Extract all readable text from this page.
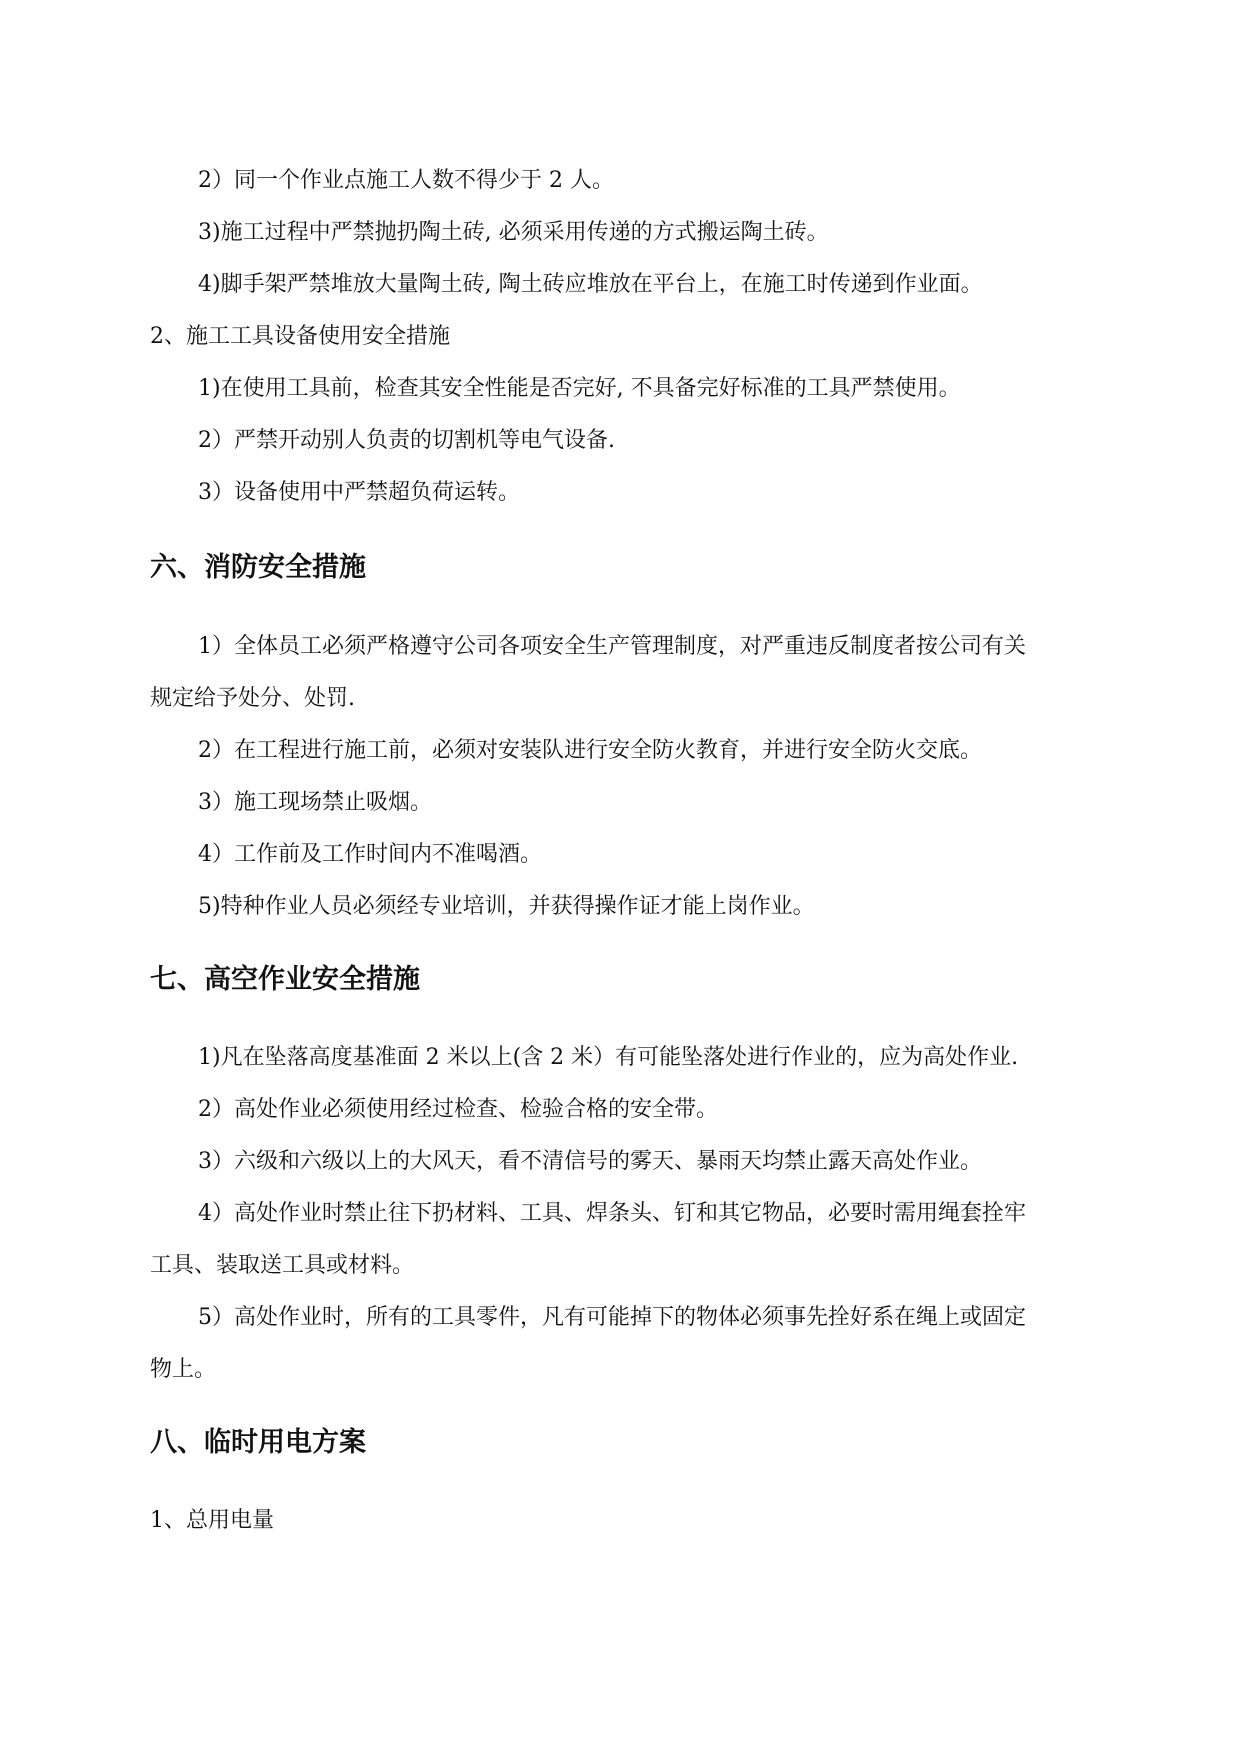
2）同一个作业点施工人数不得少于 2 人。
3)施工过程中严禁抛扔陶土砖, 必须采用传递的方式搬运陶土砖。
4)脚手架严禁堆放大量陶土砖, 陶土砖应堆放在平台上，在施工时传递到作业面。
2、施工工具设备使用安全措施
1)在使用工具前，检查其安全性能是否完好, 不具备完好标准的工具严禁使用。
2）严禁开动别人负责的切割机等电气设备.
3）设备使用中严禁超负荷运转。
六、消防安全措施
1）全体员工必须严格遵守公司各项安全生产管理制度，对严重违反制度者按公司有关
规定给予处分、处罚.
2）在工程进行施工前，必须对安装队进行安全防火教育，并进行安全防火交底。
3）施工现场禁止吸烟。
4）工作前及工作时间内不准喝酒。
5)特种作业人员必须经专业培训，并获得操作证才能上岗作业。
七、高空作业安全措施
1)凡在坠落高度基准面 2 米以上(含 2 米）有可能坠落处进行作业的，应为高处作业.
2）高处作业必须使用经过检查、检验合格的安全带。
3）六级和六级以上的大风天，看不清信号的雾天、暴雨天均禁止露天高处作业。
4）高处作业时禁止往下扔材料、工具、焊条头、钉和其它物品，必要时需用绳套拴牢
工具、装取送工具或材料。
5）高处作业时，所有的工具零件，凡有可能掉下的物体必须事先拴好系在绳上或固定
物上。
八、临时用电方案
1、总用电量
